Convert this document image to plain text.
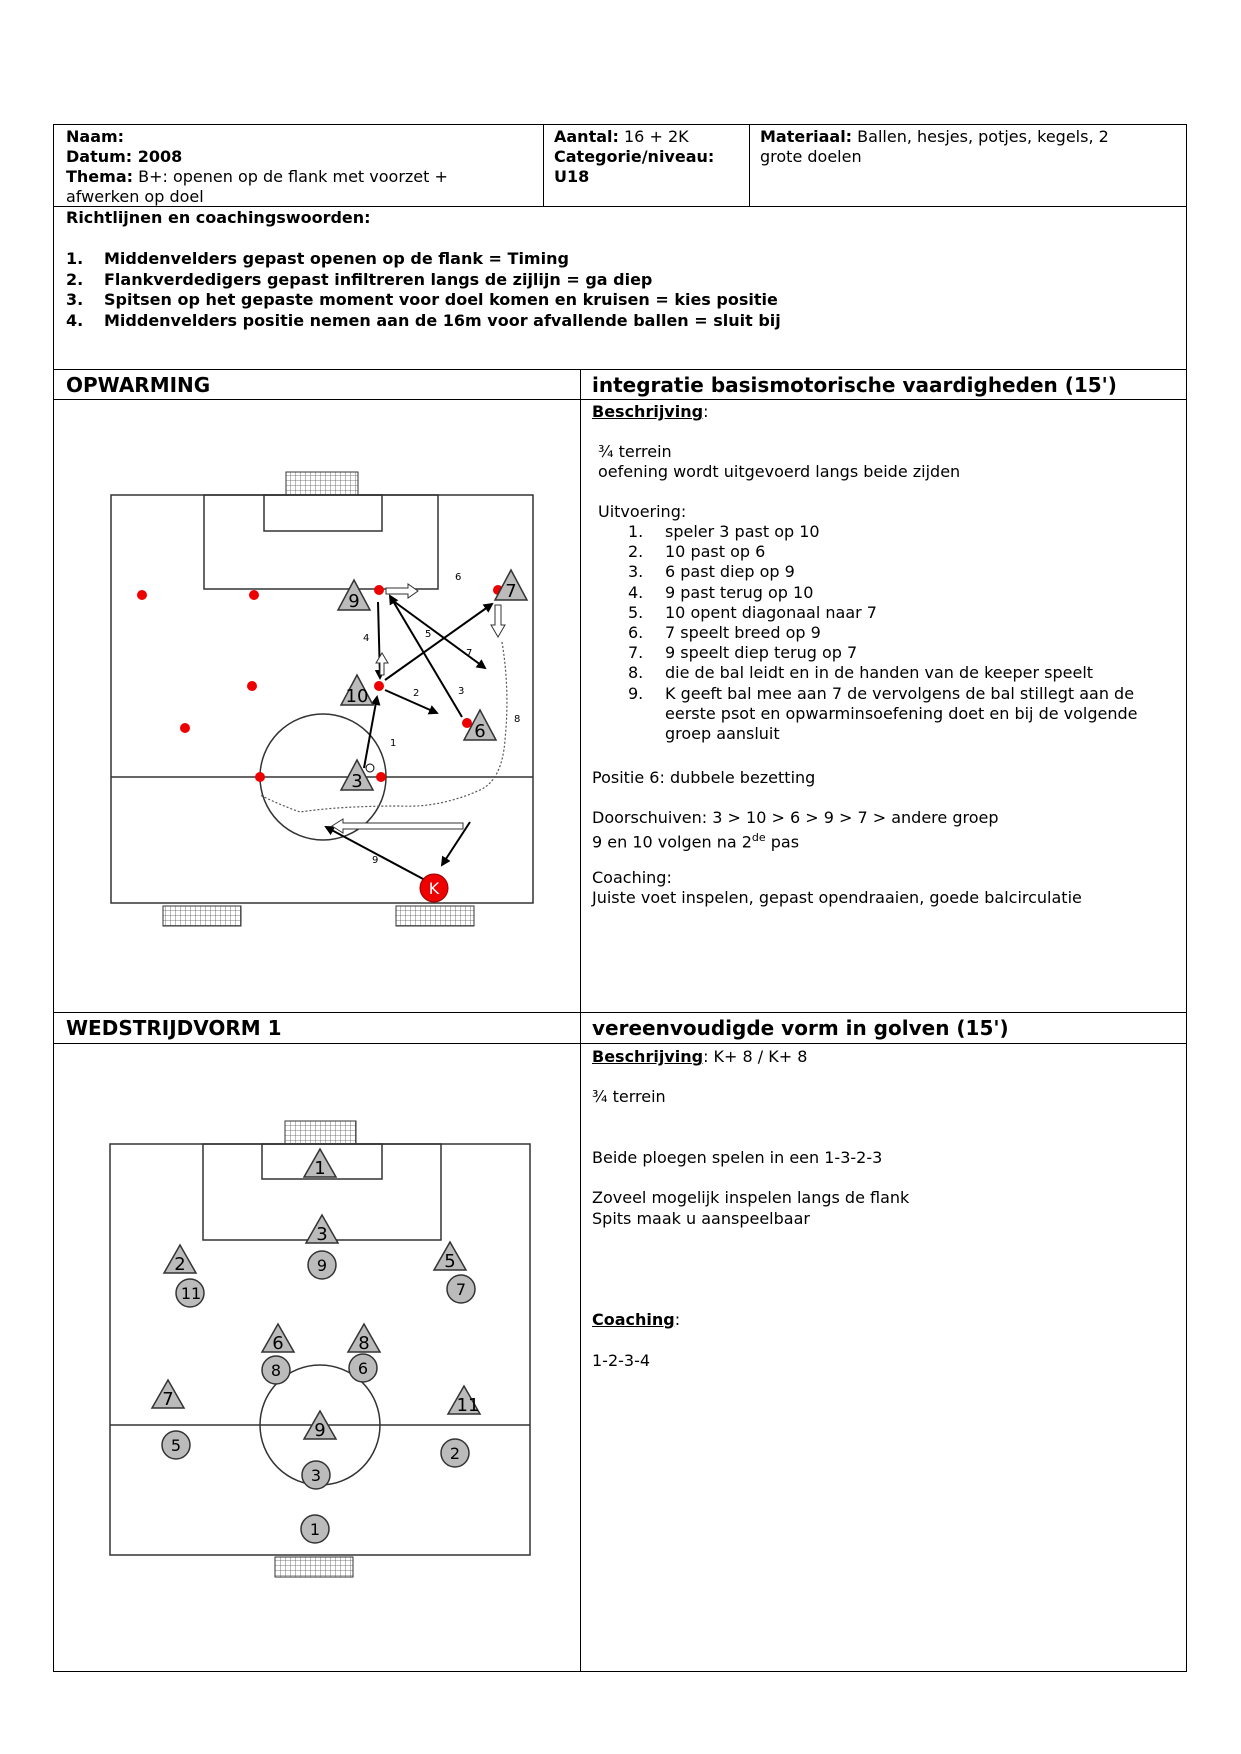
Naam:
Datum: 2008
Thema: B+: openen op de flank met voorzet +
afwerken op doel
Aantal: 16 + 2K
Categorie/niveau:
U18
Materiaal: Ballen, hesjes, potjes, kegels, 2
grote doelen
Richtlijnen en coachingswoorden:
1. Middenvelders gepast openen op de flank = Timing
2. Flankverdedigers gepast infiltreren langs de zijlijn = ga diep
3. Spitsen op het gepaste moment voor doel komen en kruisen = kies positie
4. Middenvelders positie nemen aan de 16m voor afvallende ballen = sluit bij
OPWARMING	integratie basismotorische vaardigheden (15')
Beschrijving:
¾ terrein
oefening wordt uitgevoerd langs beide zijden
Uitvoering:
1.	speler 3 past op 10
2.	10 past op 6
3.	6 past diep op 9
4.	9 past terug op 10
5.	10 opent diagonaal naar 7
6.	7 speelt breed op 9
7.	9 speelt diep terug op 7
8.	die de bal leidt en in de handen van de keeper speelt
9.	K geeft bal mee aan 7 de vervolgens de bal stillegt aan de eerste psot en opwarminsoefening doet en bij de volgende groep aansluit
Positie 6: dubbele bezetting
Doorschuiven: 3 > 10 > 6 > 9 > 7 > andere groep
9 en 10 volgen na 2de pas
Coaching:
Juiste voet inspelen, gepast opendraaien, goede balcirculatie
9	7
10
6
3
K
1
2	3
4	5
6
7
8
9
WEDSTRIJDVORM 1	vereenvoudigde vorm in golven (15')
Beschrijving: K+ 8 / K+ 8
¾ terrein
Beide ploegen spelen in een 1-3-2-3
Zoveel mogelijk inspelen langs de flank
Spits maak u aanspeelbaar
Coaching:
1-2-3-4
1
3
2	5
6	8
7
9
11
9
11	7
8	6
5
3
2
1
